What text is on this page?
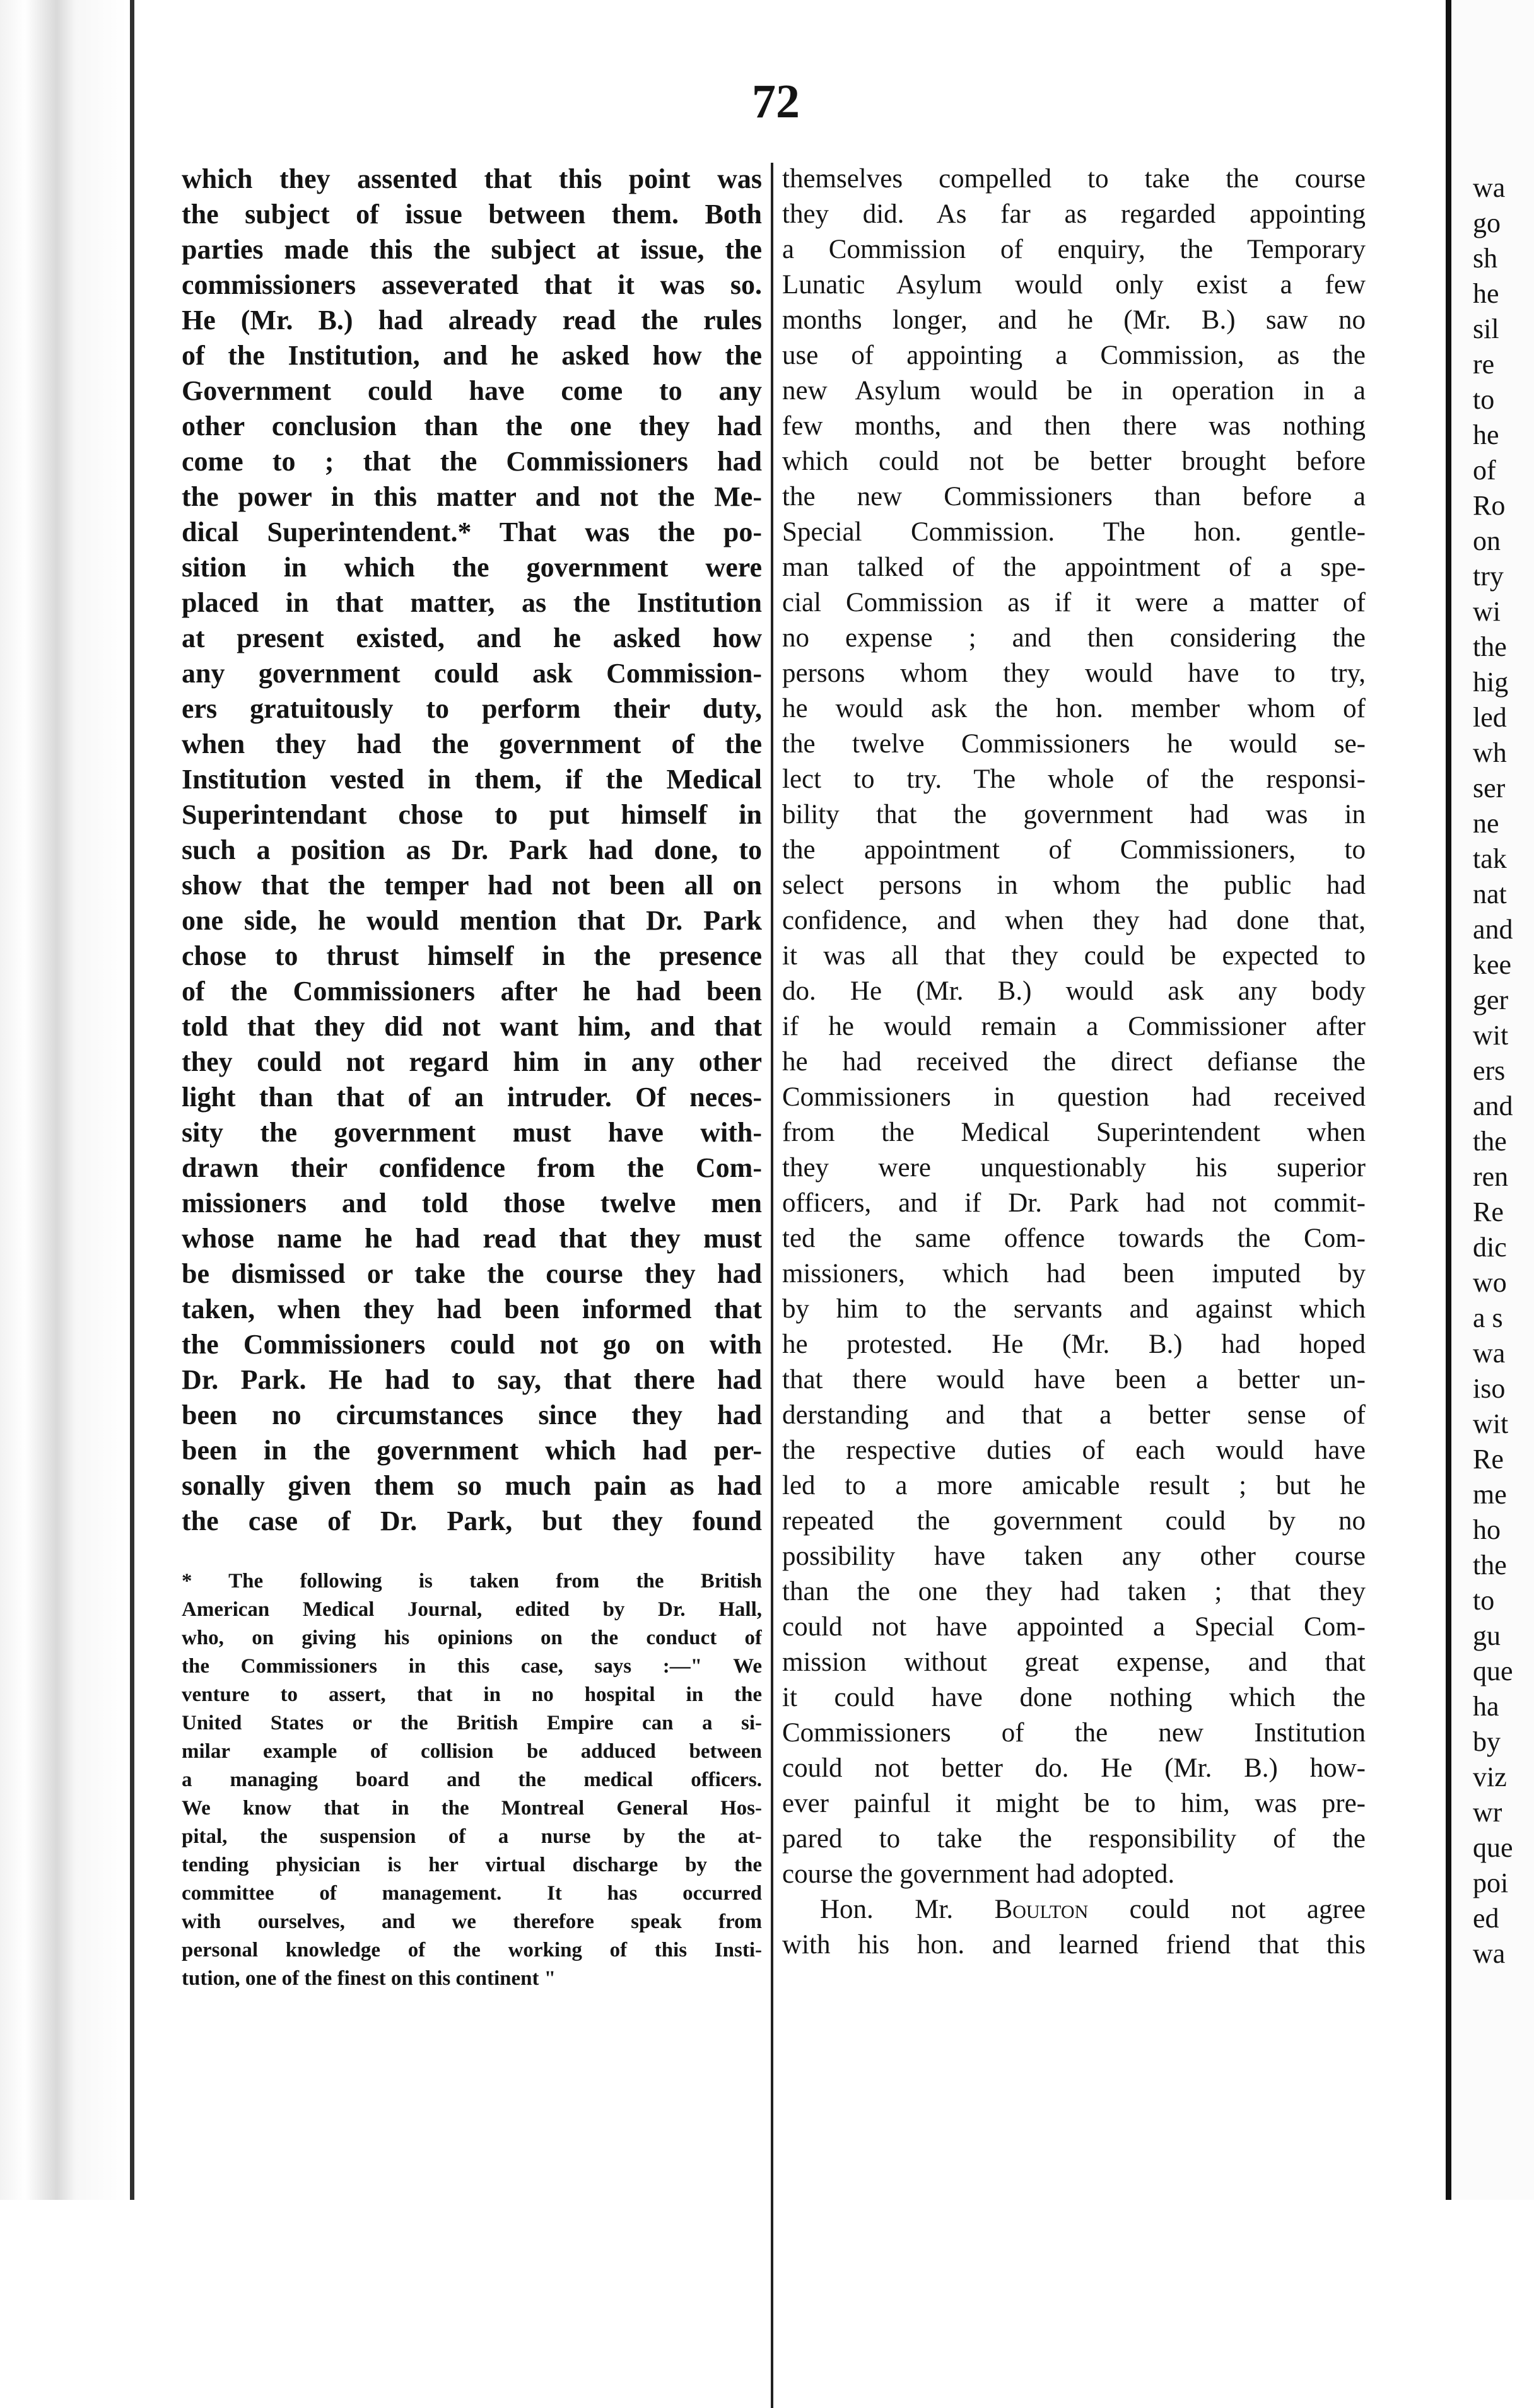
72
which they assented that this point was
the subject of issue between them. Both
parties made this the subject at issue, the
commissioners asseverated that it was so.
He (Mr. B.) had already read the rules
of the Institution, and he asked how the
Government could have come to any
other conclusion than the one they had
come to ; that the Commissioners had
the power in this matter and not the Me-
dical Superintendent.* That was the po-
sition in which the government were
placed in that matter, as the Institution
at present existed, and he asked how
any government could ask Commission-
ers gratuitously to perform their duty,
when they had the government of the
Institution vested in them, if the Medical
Superintendant chose to put himself in
such a position as Dr. Park had done, to
show that the temper had not been all on
one side, he would mention that Dr. Park
chose to thrust himself in the presence
of the Commissioners after he had been
told that they did not want him, and that
they could not regard him in any other
light than that of an intruder. Of neces-
sity the government must have with-
drawn their confidence from the Com-
missioners and told those twelve men
whose name he had read that they must
be dismissed or take the course they had
taken, when they had been informed that
the Commissioners could not go on with
Dr. Park. He had to say, that there had
been no circumstances since they had
been in the government which had per-
sonally given them so much pain as had
the case of Dr. Park, but they found
* The following is taken from the British
American Medical Journal, edited by Dr. Hall,
who, on giving his opinions on the conduct of
the Commissioners in this case, says :—" We
venture to assert, that in no hospital in the
United States or the British Empire can a si-
milar example of collision be adduced between
a managing board and the medical officers.
We know that in the Montreal General Hos-
pital, the suspension of a nurse by the at-
tending physician is her virtual discharge by the
committee of management. It has occurred
with ourselves, and we therefore speak from
personal knowledge of the working of this Insti-
tution, one of the finest on this continent "
themselves compelled to take the course
they did. As far as regarded appointing
a Commission of enquiry, the Temporary
Lunatic Asylum would only exist a few
months longer, and he (Mr. B.) saw no
use of appointing a Commission, as the
new Asylum would be in operation in a
few months, and then there was nothing
which could not be better brought before
the new Commissioners than before a
Special Commission. The hon. gentle-
man talked of the appointment of a spe-
cial Commission as if it were a matter of
no expense ; and then considering the
persons whom they would have to try,
he would ask the hon. member whom of
the twelve Commissioners he would se-
lect to try. The whole of the responsi-
bility that the government had was in
the appointment of Commissioners, to
select persons in whom the public had
confidence, and when they had done that,
it was all that they could be expected to
do. He (Mr. B.) would ask any body
if he would remain a Commissioner after
he had received the direct defianse the
Commissioners in question had received
from the Medical Superintendent when
they were unquestionably his superior
officers, and if Dr. Park had not commit-
ted the same offence towards the Com-
missioners, which had been imputed by
by him to the servants and against which
he protested. He (Mr. B.) had hoped
that there would have been a better un-
derstanding and that a better sense of
the respective duties of each would have
led to a more amicable result ; but he
repeated the government could by no
possibility have taken any other course
than the one they had taken ; that they
could not have appointed a Special Com-
mission without great expense, and that
it could have done nothing which the
Commissioners of the new Institution
could not better do. He (Mr. B.) how-
ever painful it might be to him, was pre-
pared to take the responsibility of the
course the government had adopted.
Hon. Mr. Boulton could not agree
with his hon. and learned friend that this
wa
go
sh
he
sil
re
to
he
of
Ro
on
try
wi
the
hig
led
wh
ser
ne
tak
nat
and
kee
ger
wit
ers
and
the
ren
Re
dic
wo
a s
wa
iso
wit
Re
me
ho
the
to
gu
que
ha
by
viz
wr
que
poi
ed
wa
